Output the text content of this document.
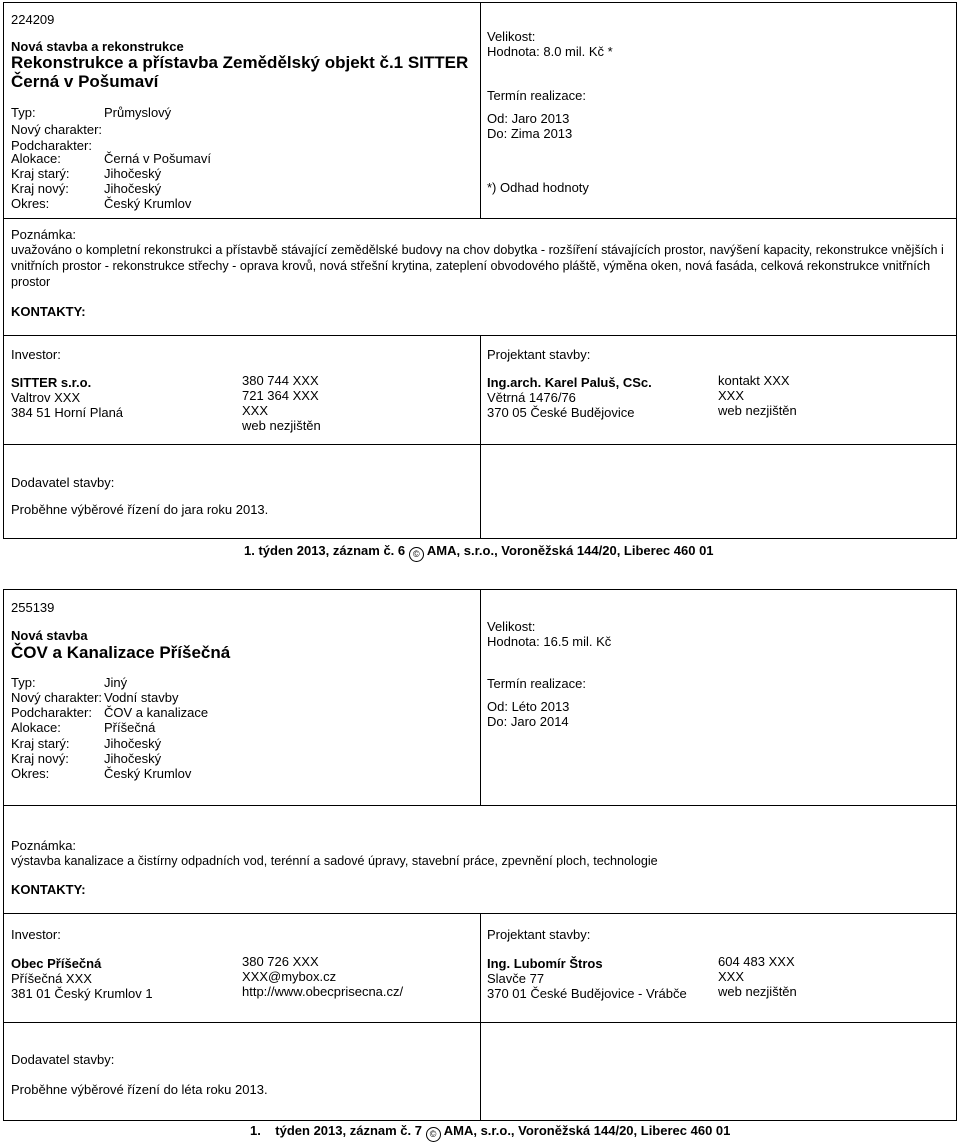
224209
Nová stavba a rekonstrukce
Rekonstrukce a přístavba Zemědělský objekt č.1 SITTER
Černá v Pošumaví
Typ:	Průmyslový
Nový charakter:
Podcharakter:
Alokace:	Černá v Pošumaví
Kraj starý:	Jihočeský
Kraj nový:	Jihočeský
Okres:	Český Krumlov
Velikost:
Hodnota: 8.0 mil. Kč *
Termín realizace:
Od: Jaro 2013
Do: Zima 2013
*) Odhad hodnoty
Poznámka:
uvažováno o kompletní rekonstrukci a přístavbě stávající zemědělské budovy na chov dobytka - rozšíření stávajících prostor, navýšení kapacity, rekonstrukce vnějších i vnitřních prostor - rekonstrukce střechy - oprava krovů, nová střešní krytina, zateplení obvodového pláště, výměna oken, nová fasáda, celková rekonstrukce vnitřních prostor
KONTAKTY:
Investor:
SITTER s.r.o.
Valtrov XXX
384 51 Horní Planá
380 744 XXX
721 364 XXX
XXX
web nezjištěn
Projektant stavby:
Ing.arch. Karel Paluš, CSc.
Větrná 1476/76
370 05 České Budějovice
kontakt XXX
XXX
web nezjištěn
Dodavatel stavby:
Proběhne výběrové řízení do jara roku 2013.
1. týden 2013, záznam č. 6 © AMA, s.r.o., Voroněžská 144/20, Liberec 460 01
255139
Nová stavba
ČOV a Kanalizace Příšečná
Typ:	Jiný
Nový charakter: Vodní stavby
Podcharakter: ČOV a kanalizace
Alokace:	Příšečná
Kraj starý:	Jihočeský
Kraj nový:	Jihočeský
Okres:	Český Krumlov
Velikost:
Hodnota: 16.5 mil. Kč
Termín realizace:
Od: Léto 2013
Do: Jaro 2014
Poznámka:
výstavba kanalizace a čistírny odpadních vod, terénní a sadové úpravy, stavební práce, zpevnění ploch, technologie
KONTAKTY:
Investor:
Obec Příšečná
Příšečná XXX
381 01 Český Krumlov 1
380 726 XXX
XXX@mybox.cz
http://www.obecprisecna.cz/
Projektant stavby:
Ing. Lubomír Štros
Slavče 77
370 01 České Budějovice - Vrábče
604 483 XXX
XXX
web nezjištěn
Dodavatel stavby:
Proběhne výběrové řízení do léta roku 2013.
1.    týden 2013, záznam č. 7 © AMA, s.r.o., Voroněžská 144/20, Liberec 460 01
